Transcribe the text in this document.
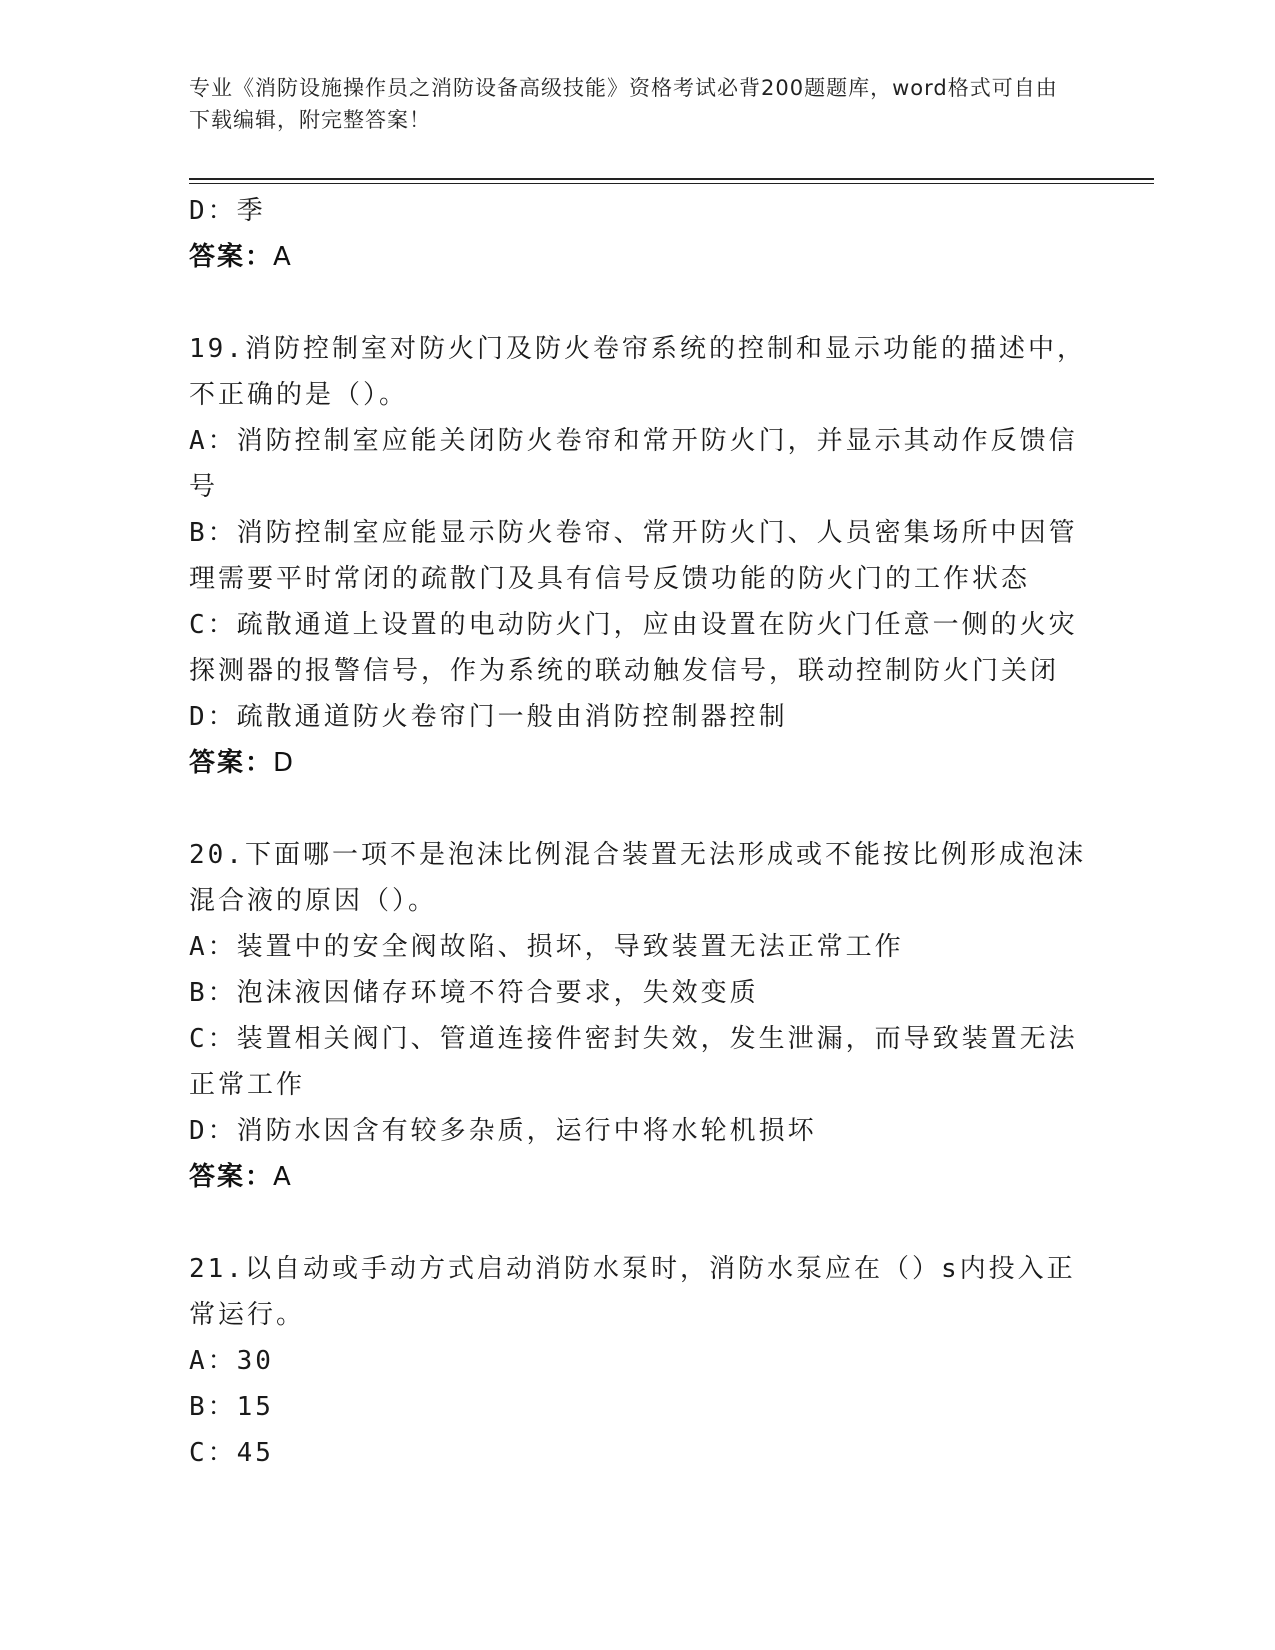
专业《消防设施操作员之消防设备高级技能》资格考试必背200题题库，word格式可自由下载编辑，附完整答案！
D：季
答案：A
19.消防控制室对防火门及防火卷帘系统的控制和显示功能的描述中，不正确的是（）。
A：消防控制室应能关闭防火卷帘和常开防火门，并显示其动作反馈信号
B：消防控制室应能显示防火卷帘、常开防火门、人员密集场所中因管理需要平时常闭的疏散门及具有信号反馈功能的防火门的工作状态
C：疏散通道上设置的电动防火门，应由设置在防火门任意一侧的火灾探测器的报警信号，作为系统的联动触发信号，联动控制防火门关闭
D：疏散通道防火卷帘门一般由消防控制器控制
答案：D
20.下面哪一项不是泡沫比例混合装置无法形成或不能按比例形成泡沫混合液的原因（）。
A：装置中的安全阀故陷、损坏，导致装置无法正常工作
B：泡沫液因储存环境不符合要求，失效变质
C：装置相关阀门、管道连接件密封失效，发生泄漏，而导致装置无法正常工作
D：消防水因含有较多杂质，运行中将水轮机损坏
答案：A
21.以自动或手动方式启动消防水泵时，消防水泵应在（）s内投入正常运行。
A：30
B：15
C：45
